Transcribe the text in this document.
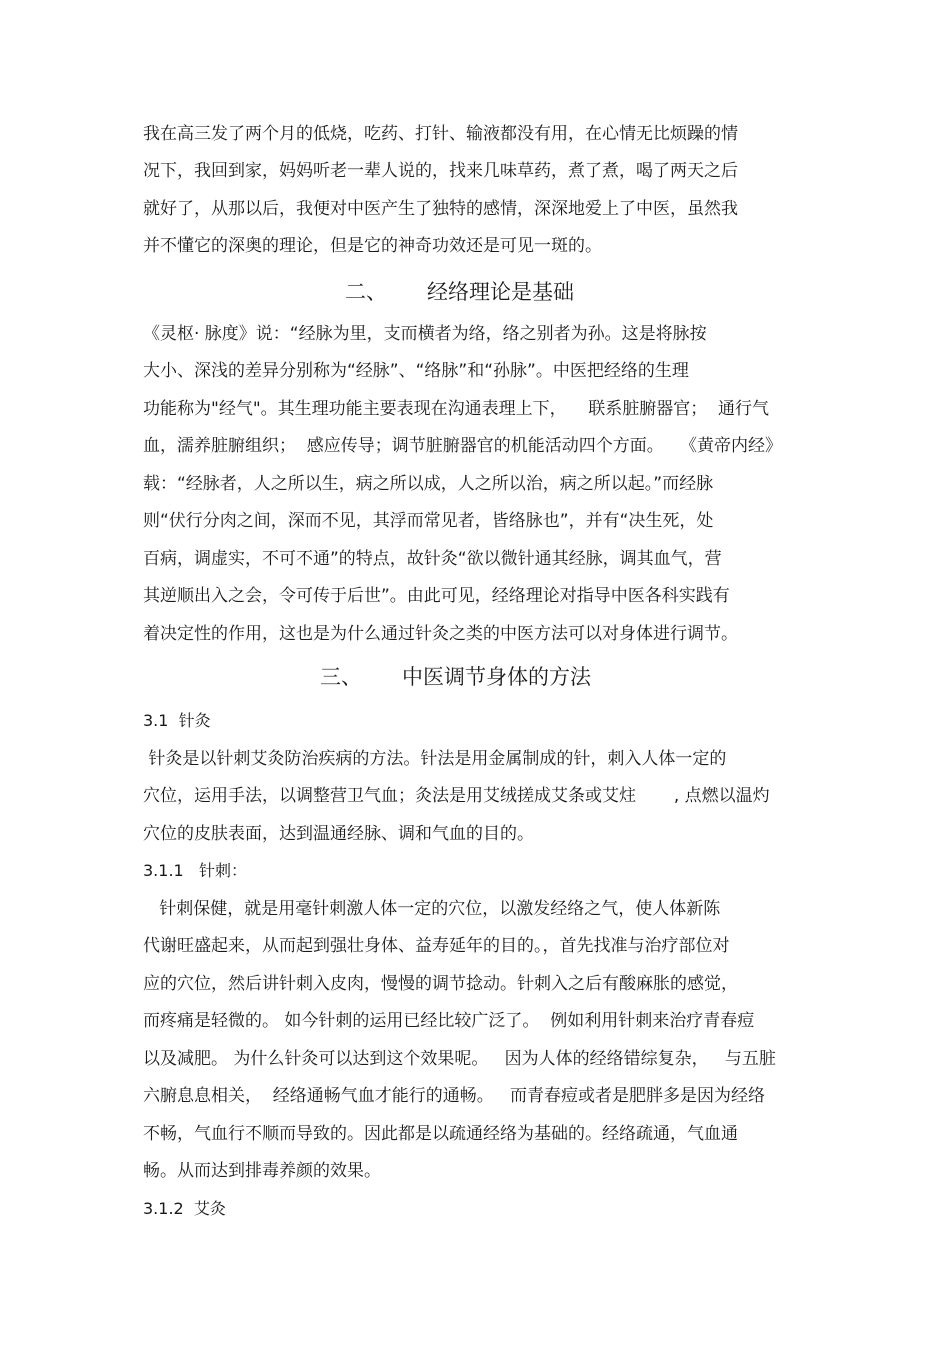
我在高三发了两个月的低烧，吃药、打针、输液都没有用，在心情无比烦躁的情
况下，我回到家，妈妈听老一辈人说的，找来几味草药，煮了煮，喝了两天之后
就好了，从那以后，我便对中医产生了独特的感情，深深地爱上了中医，虽然我
并不懂它的深奥的理论，但是它的神奇功效还是可见一斑的。
二、      经络理论是基础
《灵枢· 脉度》说：“经脉为里，支而横者为络，络之别者为孙。这是将脉按
大小、深浅的差异分别称为“经脉”、“络脉”和“孙脉”。中医把经络的生理
功能称为"经气"。其生理功能主要表现在沟通表理上下，    联系脏腑器官；  通行气
血，濡养脏腑组织；  感应传导；调节脏腑器官的机能活动四个方面。   《黄帝内经》
载：“经脉者，人之所以生，病之所以成，人之所以治，病之所以起。”而经脉
则“伏行分肉之间，深而不见，其浮而常见者，皆络脉也”，并有“决生死，处
百病，调虚实，不可不通”的特点，故针灸“欲以微针通其经脉，调其血气，营
其逆顺出入之会，令可传于后世”。由此可见，经络理论对指导中医各科实践有
着决定性的作用，这也是为什么通过针灸之类的中医方法可以对身体进行调节。
三、      中医调节身体的方法
3.1  针灸
针灸是以针刺艾灸防治疾病的方法。针法是用金属制成的针，刺入人体一定的
穴位，运用手法，以调整营卫气血；灸法是用艾绒搓成艾条或艾炷       , 点燃以温灼
穴位的皮肤表面，达到温通经脉、调和气血的目的。
3.1.1   针刺：
针刺保健，就是用毫针刺激人体一定的穴位，以激发经络之气，使人体新陈
代谢旺盛起来，从而起到强壮身体、益寿延年的目的。，首先找准与治疗部位对
应的穴位，然后讲针刺入皮肉，慢慢的调节捻动。针刺入之后有酸麻胀的感觉，
而疼痛是轻微的。 如今针刺的运用已经比较广泛了。  例如利用针刺来治疗青春痘
以及减肥。 为什么针灸可以达到这个效果呢。   因为人体的经络错综复杂，   与五脏
六腑息息相关，  经络通畅气血才能行的通畅。   而青春痘或者是肥胖多是因为经络
不畅，气血行不顺而导致的。因此都是以疏通经络为基础的。经络疏通，气血通
畅。从而达到排毒养颜的效果。
3.1.2  艾灸
